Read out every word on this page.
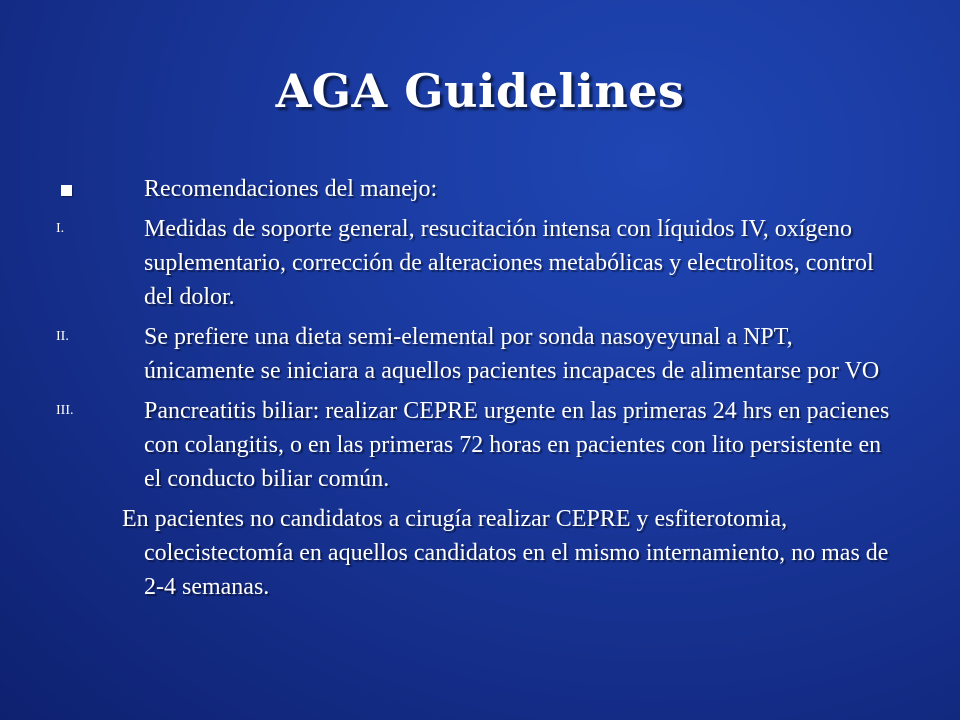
AGA Guidelines
Recomendaciones del manejo:
I.	Medidas de soporte general, resucitación intensa con líquidos IV, oxígeno suplementario, corrección de alteraciones metabólicas y electrolitos, control del dolor.
II.	Se prefiere una dieta semi-elemental por sonda nasoyeyunal a NPT, únicamente se iniciara a aquellos pacientes incapaces de alimentarse por VO
III.	Pancreatitis biliar: realizar CEPRE urgente en las primeras 24 hrs en pacienes con colangitis, o en las primeras 72 horas en pacientes con lito persistente en el conducto biliar común.
En pacientes no candidatos a cirugía realizar CEPRE y esfiterotomia, colecistectomía en aquellos candidatos en el mismo internamiento, no mas de 2-4 semanas.
